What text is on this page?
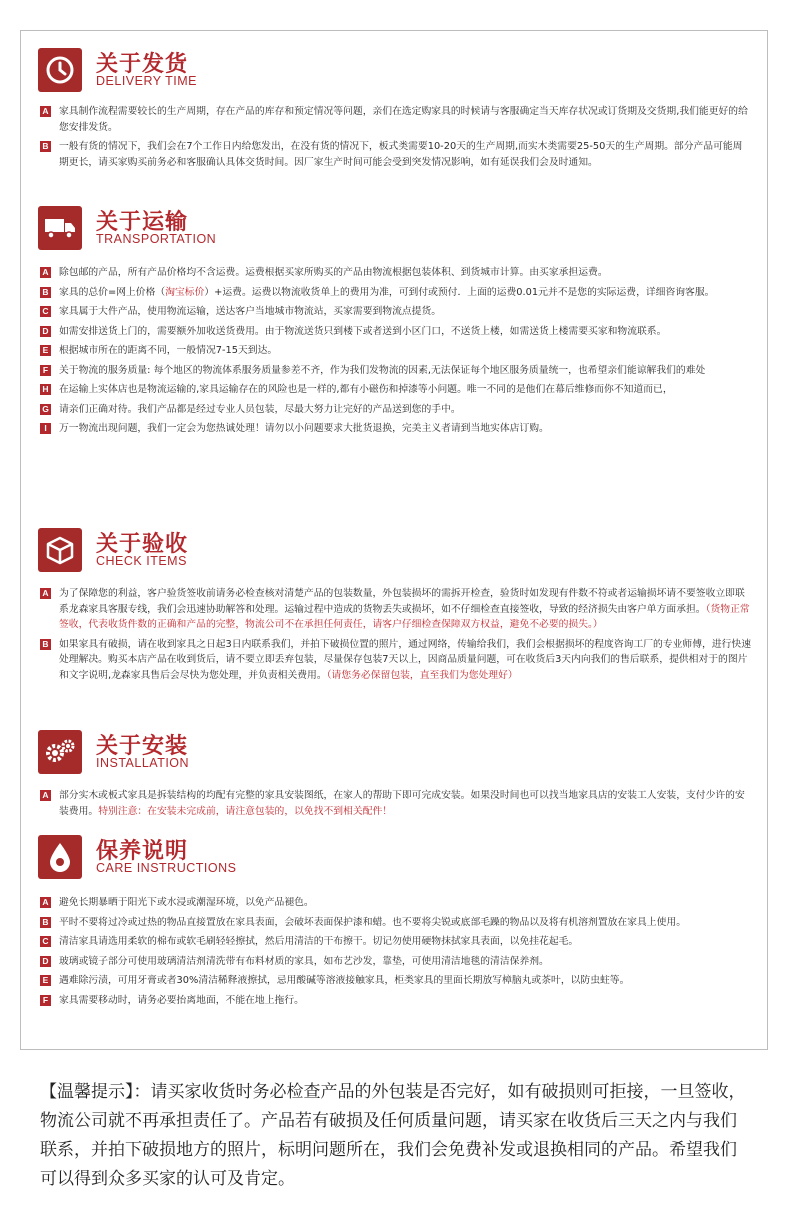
关于发货
DELIVERY TIME
A 家具制作流程需要较长的生产周期，存在产品的库存和预定情况等问题，亲们在选定购家具的时候请与客服确定当天库存状况或订货期及交货期,我们能更好的给您安排发货。
B 一般有货的情况下，我们会在7个工作日内给您发出，在没有货的情况下，板式类需要10-20天的生产周期,而实木类需要25-50天的生产周期。部分产品可能周期更长，请买家购买前务必和客服确认具体交货时间。因厂家生产时间可能会受到突发情况影响，如有延误我们会及时通知。
关于运输
TRANSPORTATION
A 除包邮的产品，所有产品价格均不含运费。运费根据买家所购买的产品由物流根据包装体积、到货城市计算。由买家承担运费。
B 家具的总价=网上价格（淘宝标价）+运费。运费以物流收货单上的费用为准，可到付或预付．上面的运费0.01元并不是您的实际运费，详细咨询客服。
C 家具属于大件产品，使用物流运输，送达客户当地城市物流站，买家需要到物流点提货。
D 如需安排送货上门的，需要额外加收送货费用。由于物流送货只到楼下或者送到小区门口，不送货上楼，如需送货上楼需要买家和物流联系。
E 根据城市所在的距离不同，一般情况7-15天到达。
F 关于物流的服务质量: 每个地区的物流体系服务质量参差不齐，作为我们发物流的因素,无法保证每个地区服务质量统一，也希望亲们能谅解我们的难处
H 在运输上实体店也是物流运输的,家具运输存在的风险也是一样的,都有小磁伤和掉漆等小问题。唯一不同的是他们在幕后维修而你不知道而已，
G 请亲们正确对待。我们产品都是经过专业人员包装，尽最大努力让完好的产品送到您的手中。
I	万一物流出现问题，我们一定会为您热诚处理！请勿以小问题要求大批货退换，完美主义者请到当地实体店订购。
关于验收
CHECK ITEMS
A 为了保障您的利益，客户验货签收前请务必检查核对清楚产品的包装数量，外包装损坏的需拆开检查，验货时如发现有件数不符或者运输损坏请不要签收立即联系龙森家具客服专线，我们会迅速协助解答和处理。运输过程中造成的货物丢失或损坏，如不仔细检查直接签收，导致的经济损失由客户单方面承担。（货物正常签收，代表收货件数的正确和产品的完整，物流公司不在承担任何责任，请客户仔细检查保障双方权益，避免不必要的损失。）
B 如果家具有破损，请在收到家具之日起3日内联系我们，并拍下破损位置的照片，通过网络，传输给我们，我们会根据损坏的程度咨询工厂的专业师傅，进行快速处理解决。购买本店产品在收到货后，请不要立即丢弃包装，尽量保存包装7天以上，因商品质量问题，可在收货后3天内向我们的售后联系，提供相对于的图片和文字说明,龙森家具售后会尽快为您处理，并负责相关费用。（请您务必保留包装，直至我们为您处理好）
关于安装
INSTALLATION
A 部分实木或板式家具是拆装结构的均配有完整的家具安装图纸，在家人的帮助下即可完成安装。如果没时间也可以找当地家具店的安装工人安装，支付少许的安装费用。特别注意：在安装未完成前，请注意包装的，以免找不到相关配件！
保养说明
CARE INSTRUCTIONS
A 避免长期暴晒于阳光下或水浸或潮湿环境，以免产品褪色。
B 平时不要将过冷或过热的物品直接置放在家具表面，会破坏表面保护漆和蜡。也不要将尖锐或底部毛躁的物品以及将有机溶剂置放在家具上使用。
C 清洁家具请选用柔软的棉布或软毛刷轻轻擦拭，然后用清洁的干布擦干。切记勿使用硬物抹拭家具表面，以免挂花起毛。
D 玻璃或镜子部分可使用玻璃清洁剂清洗带有布料材质的家具，如布艺沙发，靠垫，可使用清洁地毯的清洁保养剂。
E 遇难除污渍，可用牙膏或者30%清洁稀释液擦拭，忌用酸碱等溶液接触家具，柜类家具的里面长期放写樟脑丸或茶叶，以防虫蛀等。
F 家具需要移动时，请务必要抬离地面，不能在地上拖行。
【温馨提示】：请买家收货时务必检查产品的外包装是否完好，如有破损则可拒接，一旦签收，物流公司就不再承担责任了。产品若有破损及任何质量问题，请买家在收货后三天之内与我们联系，并拍下破损地方的照片，标明问题所在，我们会免费补发或退换相同的产品。希望我们可以得到众多买家的认可及肯定。
